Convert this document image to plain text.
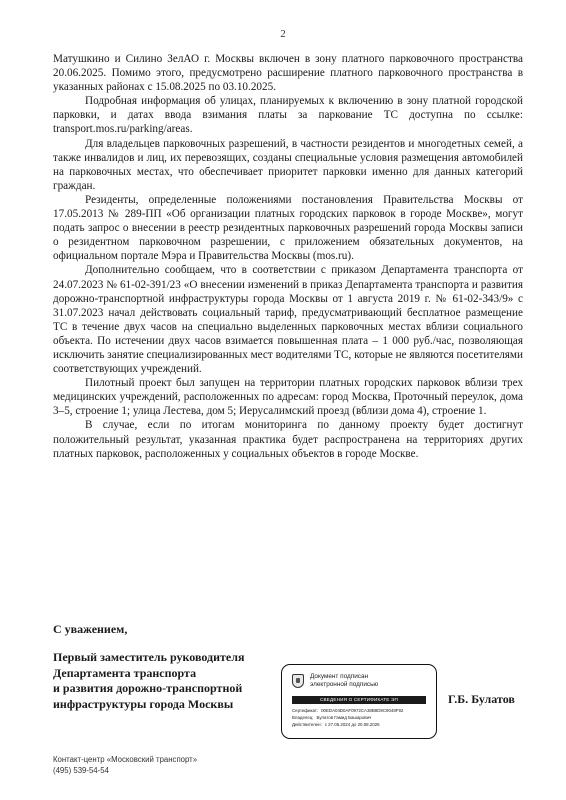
2

Матушкино и Силино ЗелАО г. Москвы включен в зону платного парковочного пространства 20.06.2025. Помимо этого, предусмотрено расширение платного парковочного пространства в указанных районах с 15.08.2025 по 03.10.2025.

Подробная информация об улицах, планируемых к включению в зону платной городской парковки, и датах ввода взимания платы за паркование ТС доступна по ссылке: transport.mos.ru/parking/areas.

Для владельцев парковочных разрешений, в частности резидентов и многодетных семей, а также инвалидов и лиц, их перевозящих, созданы специальные условия размещения автомобилей на парковочных местах, что обеспечивает приоритет парковки именно для данных категорий граждан.

Резиденты, определенные положениями постановления Правительства Москвы от 17.05.2013 № 289-ПП «Об организации платных городских парковок в городе Москве», могут подать запрос о внесении в реестр резидентных парковочных разрешений города Москвы записи о резидентном парковочном разрешении, с приложением обязательных документов, на официальном портале Мэра и Правительства Москвы (mos.ru).

Дополнительно сообщаем, что в соответствии с приказом Департамента транспорта от 24.07.2023 № 61-02-391/23 «О внесении изменений в приказ Департамента транспорта и развития дорожно-транспортной инфраструктуры города Москвы от 1 августа 2019 г. № 61-02-343/9» с 31.07.2023 начал действовать социальный тариф, предусматривающий бесплатное размещение ТС в течение двух часов на специально выделенных парковочных местах вблизи социального объекта. По истечении двух часов взимается повышенная плата – 1 000 руб./час, позволяющая исключить занятие специализированных мест водителями ТС, которые не являются посетителями соответствующих учреждений.

Пилотный проект был запущен на территории платных городских парковок вблизи трех медицинских учреждений, расположенных по адресам: город Москва, Проточный переулок, дома 3–5, строение 1; улица Лестева, дом 5; Иерусалимский проезд (вблизи дома 4), строение 1.

В случае, если по итогам мониторинга по данному проекту будет достигнут положительный результат, указанная практика будет распространена на территориях других платных парковок, расположенных у социальных объектов в городе Москве.

С уважением,
Первый заместитель руководителя
Департамента транспорта
и развития дорожно-транспортной
инфраструктуры города Москвы
Документ подписан
электронной подписью
СВЕДЕНИЯ О СЕРТИФИКАТЕ ЭП
Сертификат: 00EDA04D0AF0972CA38B8D9C9048F92
Владелец: Булатов Гамид Башарович
Действителен: с 27.05.2024 до 20.08.2025
Г.Б. Булатов
Контакт-центр «Московский транспорт»
(495) 539-54-54
